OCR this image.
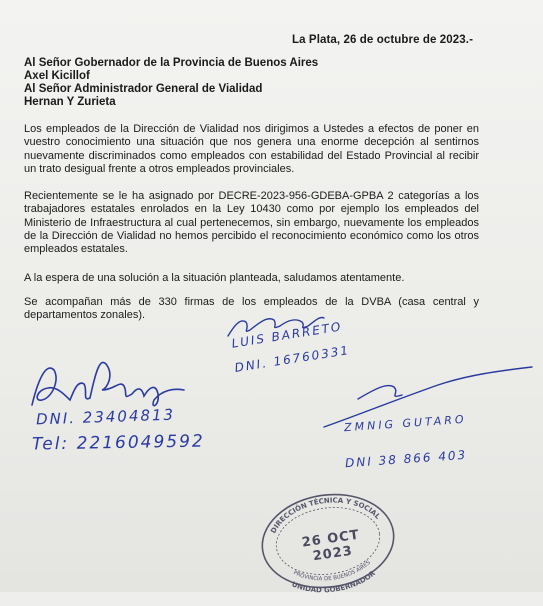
La Plata, 26 de octubre de 2023.-
Al Señor Gobernador de la Provincia de Buenos Aires
Axel Kicillof
Al Señor Administrador General de Vialidad
Hernan Y Zurieta
Los empleados de la Dirección de Vialidad nos dirigimos a Ustedes a efectos de poner en vuestro conocimiento una situación que nos genera una enorme decepción al sentirnos nuevamente discriminados como empleados con estabilidad del Estado Provincial al recibir un trato desigual frente a otros empleados provinciales.
Recientemente se le ha asignado por DECRE-2023-956-GDEBA-GPBA 2 categorías a los trabajadores estatales enrolados en la Ley 10430 como por ejemplo los empleados del Ministerio de Infraestructura al cual pertenecemos, sin embargo, nuevamente los empleados de la Dirección de Vialidad no hemos percibido el reconocimiento económico como los otros empleados estatales.
A la espera de una solución a la situación planteada, saludamos atentamente.
Se acompañan más de 330 firmas de los empleados de la DVBA (casa central y departamentos zonales).
DNI. 23404813
Tel: 2216049592
LUIS BARRETO
DNI. 16760331
ZMNIG GUTARO
DNI 38 866 403
DIRECCIÓN TÉCNICA Y SOCIAL
PROVINCIA DE BUENOS AIRES
UNIDAD GOBERNADOR
26 OCT 2023
